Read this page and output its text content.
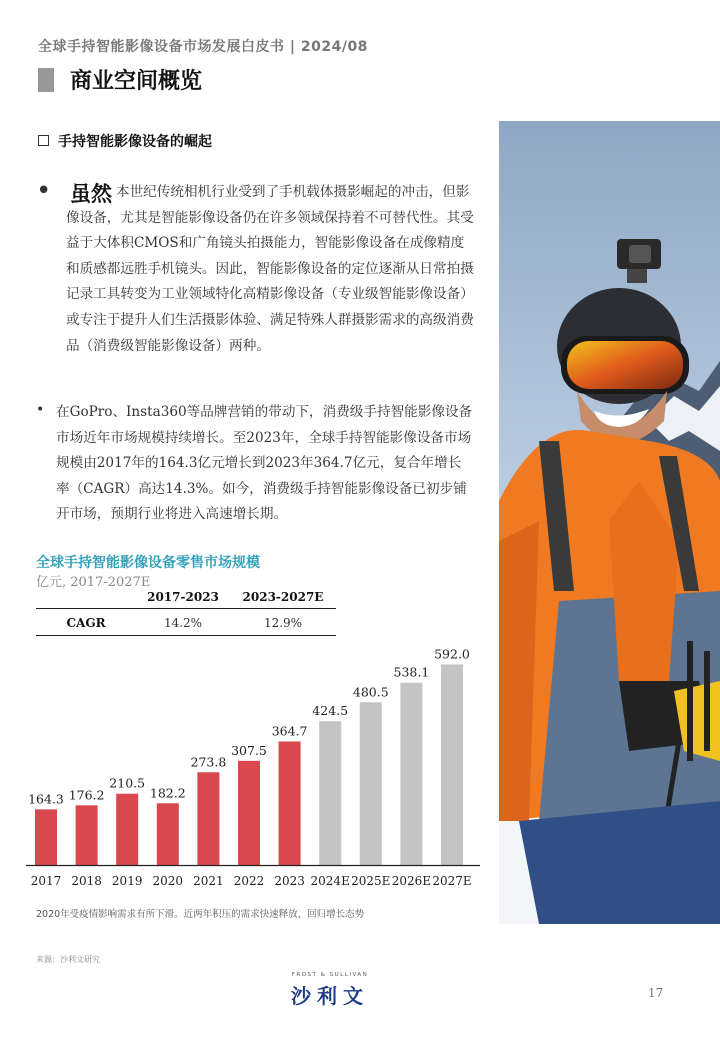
全球手持智能影像设备市场发展白皮书 | 2024/08
商业空间概览
手持智能影像设备的崛起
• 虽然 本世纪传统相机行业受到了手机载体摄影崛起的冲击，但影像设备，尤其是智能影像设备仍在许多领域保持着不可替代性。其受益于大体积CMOS和广角镜头拍摄能力，智能影像设备在成像精度和质感都远胜手机镜头。因此，智能影像设备的定位逐渐从日常拍摄记录工具转变为工业领域特化高精影像设备（专业级智能影像设备）或专注于提升人们生活摄影体验、满足特殊人群摄影需求的高级消费品（消费级智能影像设备）两种。
• 在GoPro、Insta360等品牌营销的带动下，消费级手持智能影像设备市场近年市场规模持续增长。至2023年，全球手持智能影像设备市场规模由2017年的164.3亿元增长到2023年364.7亿元，复合年增长率（CAGR）高达14.3%。如今，消费级手持智能影像设备已初步铺开市场，预期行业将进入高速增长期。
全球手持智能影像设备零售市场规模
亿元, 2017-2027E
	2017-2023	2023-2027E
CAGR	14.2%	12.9%
164.3
2017
176.2
2018
210.5
2019
182.2
2020
273.8
2021
307.5
2022
364.7
2023
424.5
2024E
480.5
2025E
538.1
2026E
592.0
2027E
2020年受疫情影响需求有所下滑。近两年积压的需求快速释放，回归增长态势
来源：沙利文研究
FROST & SULLIVAN
沙利文	17
